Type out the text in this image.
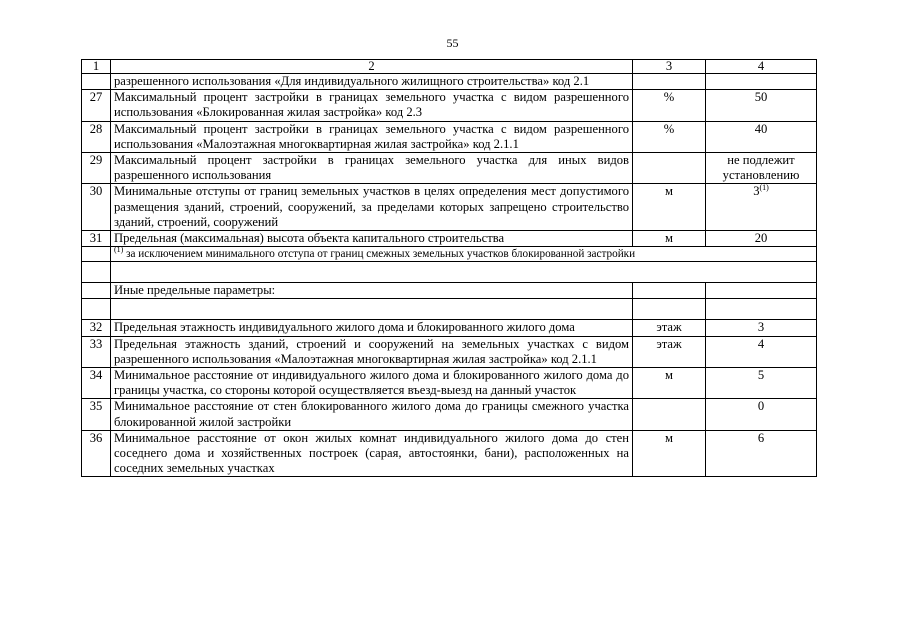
55
1	2	3	4
	разрешенного использования «Для индивидуального жилищного строительства» код 2.1		
27	Максимальный процент застройки в границах земельного участка с видом разрешенного использования «Блокированная жилая застройка» код 2.3	%	50
28	Максимальный процент застройки в границах земельного участка с видом разрешенного использования «Малоэтажная многоквартирная жилая застройка» код 2.1.1	%	40
29	Максимальный процент застройки в границах земельного участка для иных видов разрешенного использования		не подлежит установлению
30	Минимальные отступы от границ земельных участков в целях определения мест допустимого размещения зданий, строений, сооружений, за пределами которых запрещено строительство зданий, строений, сооружений	м	3$^{(1)}$
31	Предельная (максимальная) высота объекта капитального строительства	м	20
	$^{(1)}$ за исключением минимального отступа от границ смежных земельных участков блокированной застройки		

	Иные предельные параметры:		

32	Предельная этажность индивидуального жилого дома и блокированного жилого дома	этаж	3
33	Предельная этажность зданий, строений и сооружений на земельных участках с видом разрешенного использования «Малоэтажная многоквартирная жилая застройка» код 2.1.1	этаж	4
34	Минимальное расстояние от индивидуального жилого дома и блокированного жилого дома до границы участка, со стороны которой осуществляется въезд-выезд на данный участок	м	5
35	Минимальное расстояние от стен блокированного жилого дома до границы смежного участка блокированной жилой застройки		0
36	Минимальное расстояние от окон жилых комнат индивидуального жилого дома до стен соседнего дома и хозяйственных построек (сарая, автостоянки, бани), расположенных на соседних земельных участках	м	6
